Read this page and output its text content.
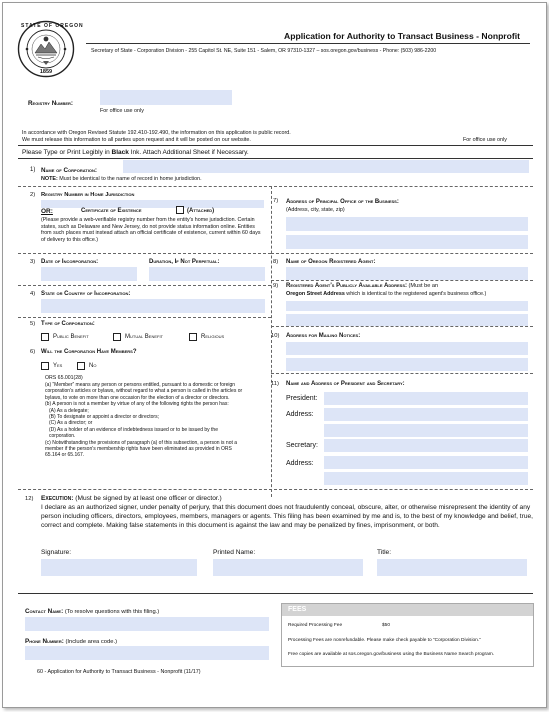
STATE OF OREGON
1859
Application for Authority to Transact Business - Nonprofit
Secretary of State - Corporation Division - 255 Capitol St. NE, Suite 151 - Salem, OR 97310-1327 – sos.oregon.gov/business - Phone: (503) 986-2200
Registry Number:
For office use only
In accordance with Oregon Revised Statute 192.410-192.490, the information on this application is public record.
We must release this information to all parties upon request and it will be posted on our website.	For office use only
Please Type or Print Legibly in Black Ink. Attach Additional Sheet if Necessary.
1) Name of Corporation:
NOTE: Must be identical to the name of record in home jurisdiction.
2) Registry Number in Home Jurisdiction
OR:	Certificate of Existence	(Attached)
(Please provide a web-verifiable registry number from the entity's home jurisdiction. Certain states, such as Delaware and New Jersey, do not provide status information online. Entities from such places must instead attach an official certificate of existence, current within 60 days of delivery to this office.)
7) Address of Principal Office of the Business:
(Address, city, state, zip)
3) Date of Incorporation:	Duration, If Not Perpetual:	8) Name of Oregon Registered Agent:
4) State or Country of Incorporation:
9) Registered Agent's Publicly Available Address: (Must be an
Oregon Street Address which is identical to the registered agent's business office.)
5) Type of Corporation:
Public Benefit	Mutual Benefit	Religious	10) Address for Mailing Notices:
6) Will the Corporation Have Members?
Yes	No
ORS 65.001(28)
(a) “Member” means any person or persons entitled, pursuant to a domestic or foreign
corporation's articles or bylaws, without regard to what a person is called in the articles or
bylaws, to vote on more than one occasion for the election of a director or directors.
(b) A person is not a member by virtue of any of the following rights the person has:
(A) As a delegate;
(B) To designate or appoint a director or directors;
(C) As a director; or
(D) As a holder of an evidence of indebtedness issued or to be issued by the
corporation.
(c) Notwithstanding the provisions of paragraph (a) of this subsection, a person is not a
member if the person's membership rights have been eliminated as provided in ORS
65.164 or 65.167.
11) Name and Address of President and Secretary:
President:
Address:
Secretary:
Address:
12) Execution: (Must be signed by at least one officer or director.)
I declare as an authorized signer, under penalty of perjury, that this document does not fraudulently conceal, obscure, alter, or otherwise misrepresent the identity of any person including officers, directors, employees, members, managers or agents. This filing has been examined by me and is, to the best of my knowledge and belief, true, correct and complete. Making false statements in this document is against the law and may be penalized by fines, imprisonment, or both.
Signature:	Printed Name:	Title:
Contact Name: (To resolve questions with this filing.)
Phone Number: (Include area code.)
FEES
Required Processing Fee	$50
Processing Fees are nonrefundable. Please make check payable to “Corporation Division.”
Free copies are available at sos.oregon.gov/business using the Business Name Search program.
60 - Application for Authority to Transact Business - Nonprofit (11/17)
